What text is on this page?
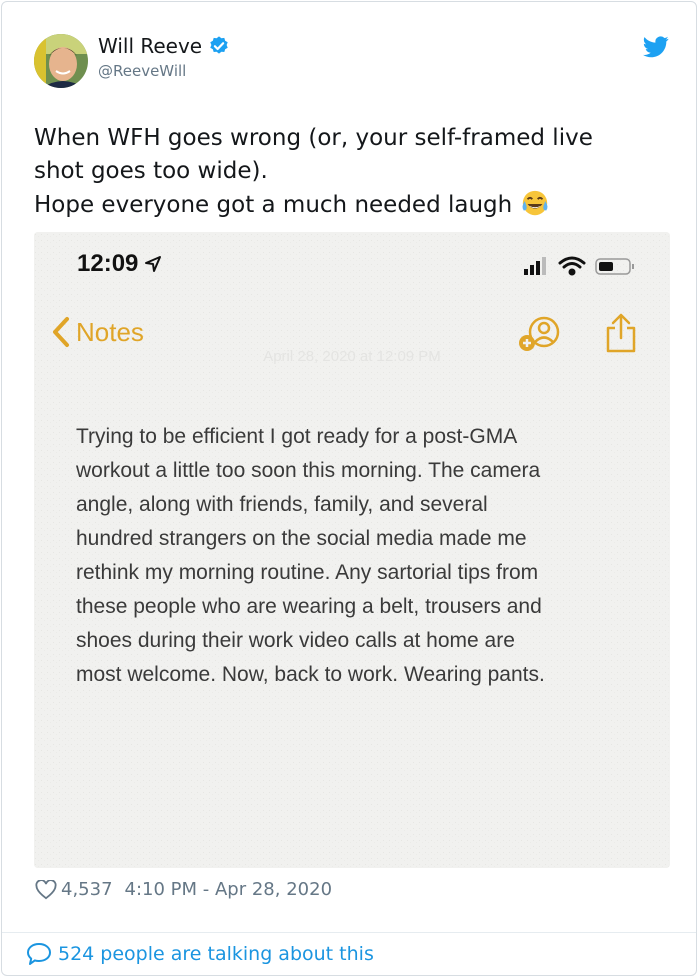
Will Reeve
@ReeveWill
When WFH goes wrong (or, your self-framed live
shot goes too wide).
Hope everyone got a much needed laugh
12:09
Notes
April 28, 2020 at 12:09 PM
Trying to be efficient I got ready for a post-GMA
workout a little too soon this morning. The camera
angle, along with friends, family, and several
hundred strangers on the social media made me
rethink my morning routine. Any sartorial tips from
these people who are wearing a belt, trousers and
shoes during their work video calls at home are
most welcome. Now, back to work. Wearing pants.
4,537 4:10 PM - Apr 28, 2020
524 people are talking about this
